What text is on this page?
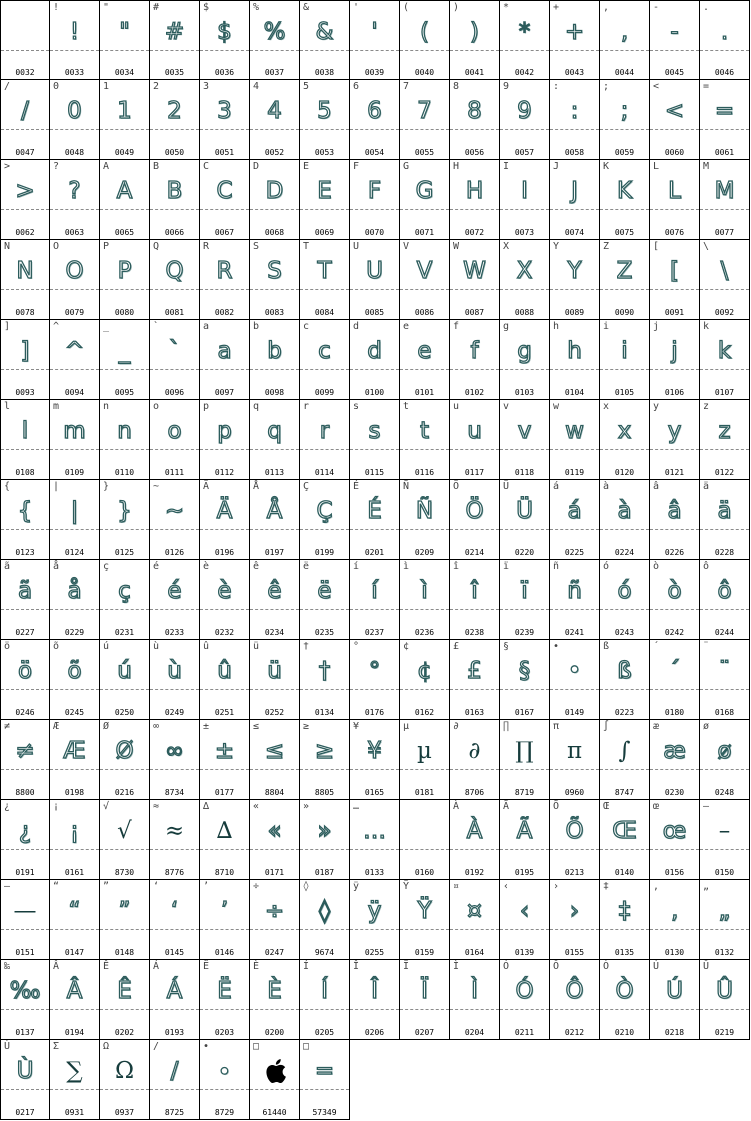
0032
!
!
0033
"
"
0034
#
#
0035
$
$
0036
%
%
0037
&
&
0038
'
'
0039
(
(
0040
)
)
0041
*
*
0042
+
+
0043
,
,
0044
-
-
0045
.
.
0046
/
/
0047
0
0
0048
1
1
0049
2
2
0050
3
3
0051
4
4
0052
5
5
0053
6
6
0054
7
7
0055
8
8
0056
9
9
0057
:
:
0058
;
;
0059
<
<
0060
=
=
0061
>
>
0062
?
?
0063
A
A
0065
B
B
0066
C
C
0067
D
D
0068
E
E
0069
F
F
0070
G
G
0071
H
H
0072
I
I
0073
J
J
0074
K
K
0075
L
L
0076
M
M
0077
N
N
0078
O
O
0079
P
P
0080
Q
Q
0081
R
R
0082
S
S
0083
T
T
0084
U
U
0085
V
V
0086
W
W
0087
X
X
0088
Y
Y
0089
Z
Z
0090
[
[
0091
\
\
0092
]
]
0093
^
^
0094
_
_
0095
`
`
0096
a
a
0097
b
b
0098
c
c
0099
d
d
0100
e
e
0101
f
f
0102
g
g
0103
h
h
0104
i
i
0105
j
j
0106
k
k
0107
l
l
0108
m
m
0109
n
n
0110
o
o
0111
p
p
0112
q
q
0113
r
r
0114
s
s
0115
t
t
0116
u
u
0117
v
v
0118
w
w
0119
x
x
0120
y
y
0121
z
z
0122
{
{
0123
|
|
0124
}
}
0125
~
~
0126
Ä
Ä
0196
Å
Å
0197
Ç
Ç
0199
É
É
0201
Ñ
Ñ
0209
Ö
Ö
0214
Ü
Ü
0220
á
á
0225
à
à
0224
â
â
0226
ä
ä
0228
ã
ã
0227
å
å
0229
ç
ç
0231
é
é
0233
è
è
0232
ê
ê
0234
ë
ë
0235
í
í
0237
ì
ì
0236
î
î
0238
ï
ï
0239
ñ
ñ
0241
ó
ó
0243
ò
ò
0242
ô
ô
0244
ö
ö
0246
õ
õ
0245
ú
ú
0250
ù
ù
0249
û
û
0251
ü
ü
0252
†
†
0134
°
°
0176
¢
¢
0162
£
£
0163
§
§
0167
•
•
0149
ß
ß
0223
´
´
0180
¨
¨
0168
≠
≠
8800
Æ
Æ
0198
Ø
Ø
0216
∞
∞
8734
±
±
0177
≤
≤
8804
≥
≥
8805
¥
¥
0165
µ
µ
0181
∂
∂
8706
∏
∏
8719
π
π
0960
∫
∫
8747
æ
æ
0230
ø
ø
0248
¿
¿
0191
¡
¡
0161
√
√
8730
≈
≈
8776
∆
∆
8710
«
«
0171
»
»
0187
…
…
0133	0160
À
À
0192
Ã
Ã
0195
Õ
Õ
0213
Œ
Œ
0140
œ
œ
0156
–
–
0150
—
—
0151
“
“
0147
”
”
0148
‘
‘
0145
’
’
0146
÷
÷
0247
◊
◊
9674
ÿ
ÿ
0255
Ÿ
Ÿ
0159
¤
¤
0164
‹
‹
0139
›
›
0155
‡
‡
0135
‚
‚
0130
„
„
0132
‰
‰
0137
Â
Â
0194
Ê
Ê
0202
Á
Á
0193
Ë
Ë
0203
È
È
0200
Í
Í
0205
Î
Î
0206
Ï
Ï
0207
Ì
Ì
0204
Ó
Ó
0211
Ô
Ô
0212
Ò
Ò
0210
Ú
Ú
0218
Û
Û
0219
Ù
Ù
0217
Σ
∑
0931
Ω
Ω
0937
/
∕
8725
∙
∙
8729
□
61440
□
=
57349
